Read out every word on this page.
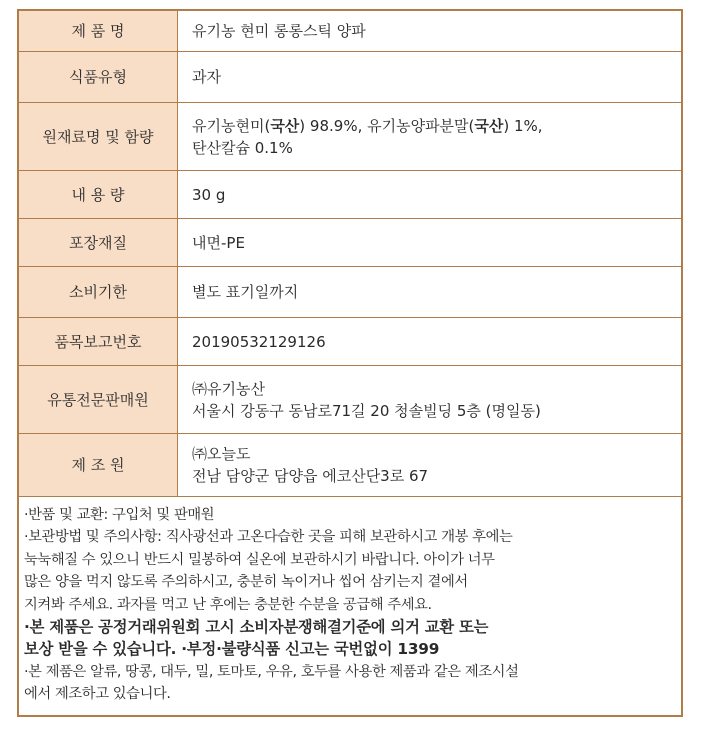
제 품 명	유기농 현미 롱롱스틱 양파
식품유형	과자
원재료명 및 함량	유기농현미(국산) 98.9%, 유기농양파분말(국산) 1%,
탄산칼슘 0.1%

내 용 량	30 g
포장재질	내면-PE
소비기한	별도 표기일까지
품목보고번호	20190532129126
유통전문판매원	㈜유기농산
서울시 강동구 동남로71길 20 청솔빌딩 5층 (명일동)

제 조 원	㈜오늘도
전남 담양군 담양읍 에코산단3로 67

·반품 및 교환: 구입처 및 판매원

·보관방법 및 주의사항: 직사광선과 고온다습한 곳을 피해 보관하시고 개봉 후에는

눅눅해질 수 있으니 반드시 밀봉하여 실온에 보관하시기 바랍니다. 아이가 너무

많은 양을 먹지 않도록 주의하시고, 충분히 녹이거나 씹어 삼키는지 곁에서

지켜봐 주세요. 과자를 먹고 난 후에는 충분한 수분을 공급해 주세요.

·본 제품은 공정거래위원회 고시 소비자분쟁해결기준에 의거 교환 또는

보상 받을 수 있습니다. ·부정·불량식품 신고는 국번없이 1399

·본 제품은 알류, 땅콩, 대두, 밀, 토마토, 우유, 호두를 사용한 제품과 같은 제조시설

에서 제조하고 있습니다.
